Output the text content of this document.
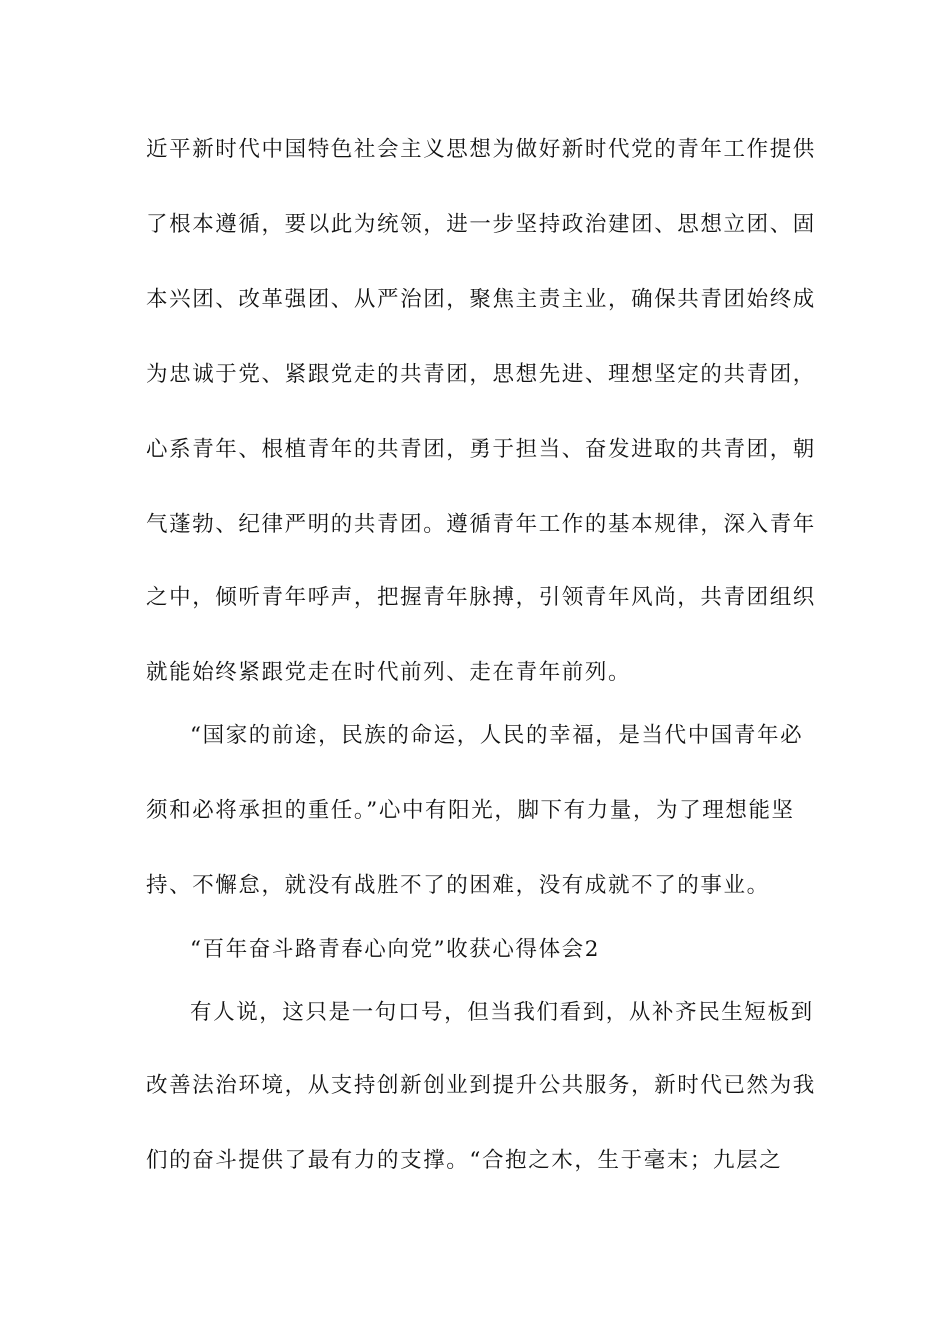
近平新时代中国特色社会主义思想为做好新时代党的青年工作提供
了根本遵循，要以此为统领，进一步坚持政治建团、思想立团、固
本兴团、改革强团、从严治团，聚焦主责主业，确保共青团始终成
为忠诚于党、紧跟党走的共青团，思想先进、理想坚定的共青团，
心系青年、根植青年的共青团，勇于担当、奋发进取的共青团，朝
气蓬勃、纪律严明的共青团。遵循青年工作的基本规律，深入青年
之中，倾听青年呼声，把握青年脉搏，引领青年风尚，共青团组织
就能始终紧跟党走在时代前列、走在青年前列。
“国家的前途，民族的命运，人民的幸福，是当代中国青年必
须和必将承担的重任。”心中有阳光，脚下有力量，为了理想能坚
持、不懈怠，就没有战胜不了的困难，没有成就不了的事业。
“百年奋斗路青春心向党”收获心得体会2
有人说，这只是一句口号，但当我们看到，从补齐民生短板到
改善法治环境，从支持创新创业到提升公共服务，新时代已然为我
们的奋斗提供了最有力的支撑。“合抱之木，生于毫末；九层之
